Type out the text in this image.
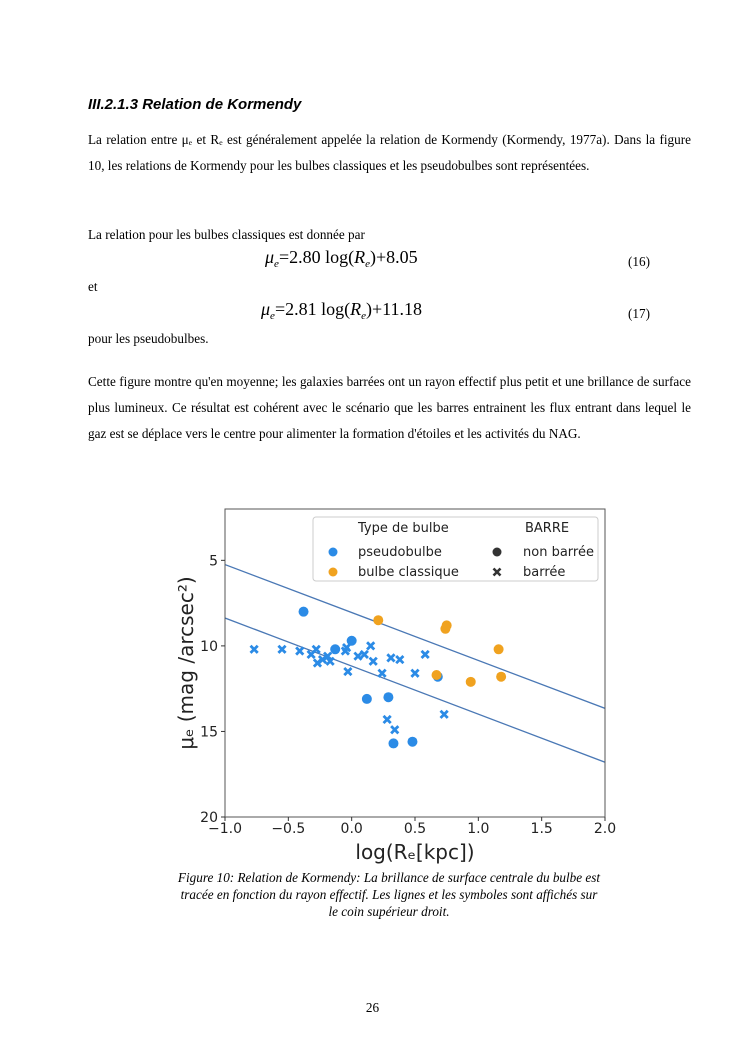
III.2.1.3 Relation de Kormendy
La relation entre μₑ et Rₑ est généralement appelée la relation de Kormendy (Kormendy, 1977a). Dans la figure 10, les relations de Kormendy pour les bulbes classiques et les pseudobulbes sont représentées.
La relation pour les bulbes classiques est donnée par
$\mu_e=2.80$ $\log(R_e)+8.05$	(16)
et
$\mu_e=2.81$ $\log(R_e)+11.18$	(17)
pour les pseudobulbes.
Cette figure montre qu'en moyenne; les galaxies barrées ont un rayon effectif plus petit et une brillance de surface plus lumineux. Ce résultat est cohérent avec le scénario que les barres entrainent les flux entrant dans lequel le gaz est se déplace vers le centre pour alimenter la formation d'étoiles et les activités du NAG.
−1.0 −0.5	0.0	0.5	1.0	1.5	2.0
5
10
15
20
log(Rₑ[kpc])
μₑ (mag /arcsec²)
Type de bulbe	BARRE
pseudobulbe
bulbe classique
non barrée
barrée
Figure 10: Relation de Kormendy: La brillance de surface centrale du bulbe est
tracée en fonction du rayon effectif. Les lignes et les symboles sont affichés sur
le coin supérieur droit.
26
